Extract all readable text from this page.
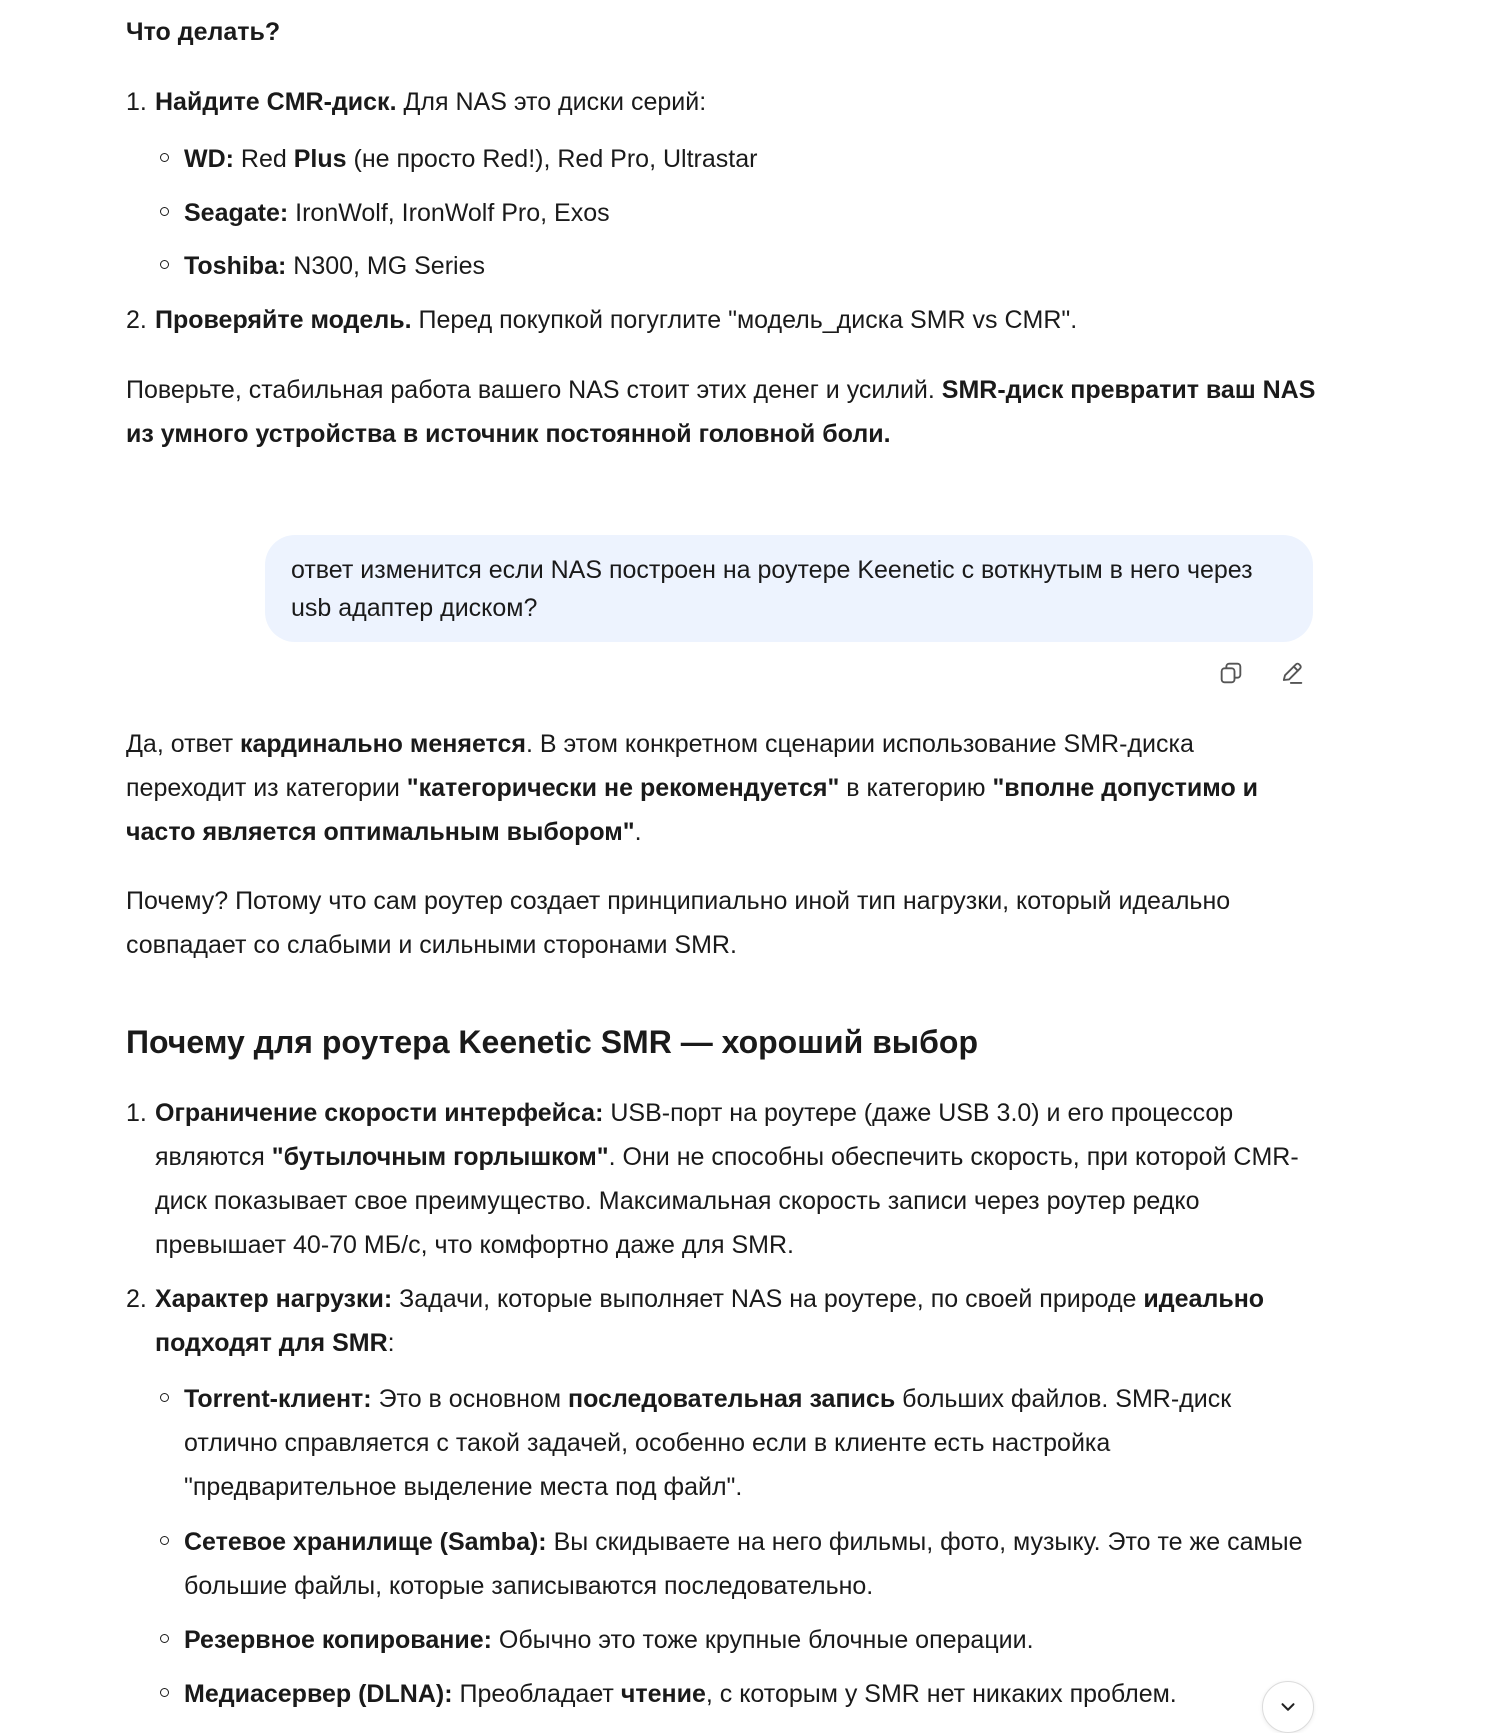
Что делать?
1. Найдите CMR-диск. Для NAS это диски серий:
WD: Red Plus (не просто Red!), Red Pro, Ultrastar
Seagate: IronWolf, IronWolf Pro, Exos
Toshiba: N300, MG Series
2. Проверяйте модель. Перед покупкой погуглите "модель_диска SMR vs CMR".
Поверьте, стабильная работа вашего NAS стоит этих денег и усилий. SMR-диск превратит ваш NAS из умного устройства в источник постоянной головной боли.
ответ изменится если NAS построен на роутере Keenetic с воткнутым в него через usb адаптер диском?
Да, ответ кардинально меняется. В этом конкретном сценарии использование SMR-диска переходит из категории "категорически не рекомендуется" в категорию "вполне допустимо и часто является оптимальным выбором".
Почему? Потому что сам роутер создает принципиально иной тип нагрузки, который идеально совпадает со слабыми и сильными сторонами SMR.
Почему для роутера Keenetic SMR — хороший выбор
1. Ограничение скорости интерфейса: USB-порт на роутере (даже USB 3.0) и его процессор являются "бутылочным горлышком". Они не способны обеспечить скорость, при которой CMR-диск показывает свое преимущество. Максимальная скорость записи через роутер редко превышает 40-70 МБ/с, что комфортно даже для SMR.
2. Характер нагрузки: Задачи, которые выполняет NAS на роутере, по своей природе идеально подходят для SMR:
Torrent-клиент: Это в основном последовательная запись больших файлов. SMR-диск отлично справляется с такой задачей, особенно если в клиенте есть настройка "предварительное выделение места под файл".
Сетевое хранилище (Samba): Вы скидываете на него фильмы, фото, музыку. Это те же самые большие файлы, которые записываются последовательно.
Резервное копирование: Обычно это тоже крупные блочные операции.
Медиасервер (DLNA): Преобладает чтение, с которым у SMR нет никаких проблем.
